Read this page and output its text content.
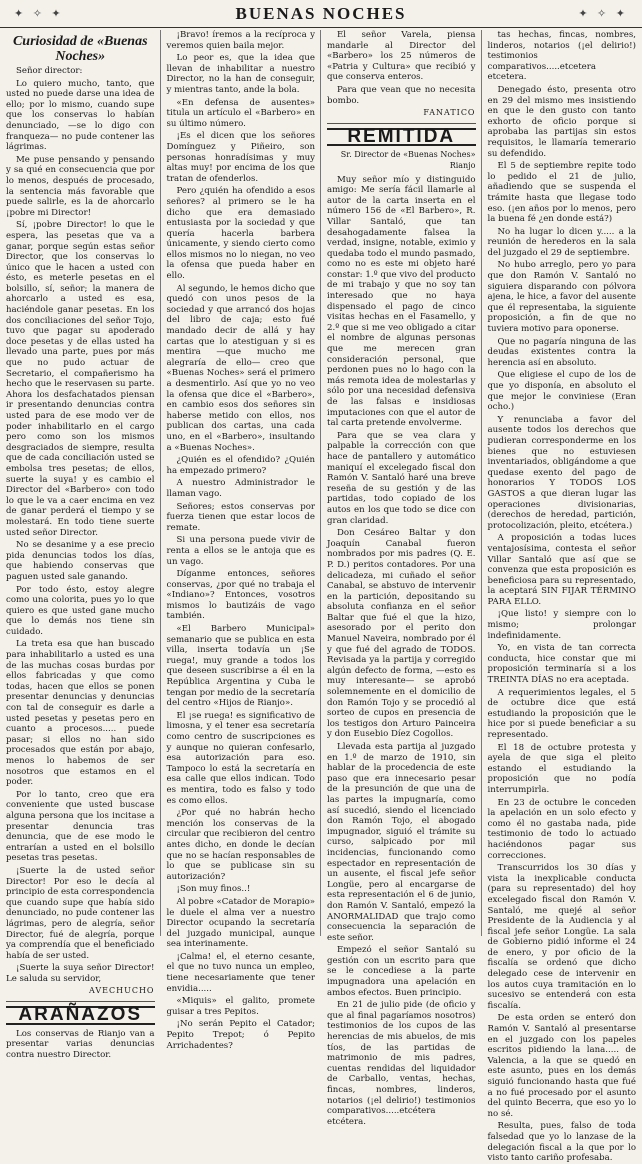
✦ ✧ ✦	BUENAS NOCHES	✦ ✧ ✦
Curiosidad de «Buenas Noches»
Señor director:

Lo quiero mucho, tanto, que usted no puede darse una idea de ello; por lo mismo, cuando supe que los conservas lo habían denunciado, —se lo digo con franqueza— no pude contener las lágrimas.

Me puse pensando y pensando y sa qué en consecuencia que por lo menos, después de procesado, la sentencia más favorable que puede salirle, es la de ahorcarlo ¡pobre mi Director!

Sí, ¡pobre Director! lo que le espera, las pesetas que va a ganar, porque según estas señor Director, que los conservas lo único que le hacen a usted con ésto, es meterle pesetas en el bolsillo, sí, señor; la manera de ahorcarlo a usted es esa, haciéndole ganar pesetas. En los dos conciliaciones del señor Tojo, tuvo que pagar su apoderado doce pesetas y de ellas usted ha llevado una parte, pues por más que no pudo actuar de Secretario, el compañerismo ha hecho que le reservasen su parte. Ahora los desfachatados piensan ir presentando denuncias contra usted para de ese modo ver de poder inhabilitarlo en el cargo pero como son los mismos desgraciados de siempre, resulta que de cada conciliación usted se embolsa tres pesetas; de ellos, suerte la suya! y es cambio el Director del «Barbero» con todo lo que le va a caer encima en vez de ganar perderá el tiempo y se molestará. En todo tiene suerte usted señor Director.

No se desanime y a ese precio pida denuncias todos los días, que habiendo conservas que paguen usted sale ganando.

Por todo ésto, estoy alegre como una colorita, pues yo lo que quiero es que usted gane mucho que lo demás nos tiene sin cuidado.

La treta esa que han buscado para inhabilitarlo a usted es una de las muchas cosas burdas por ellos fabricadas y que como todas, hacen que ellos se ponen presentar denuncias y denuncias con tal de conseguir es darle a usted pesetas y pesetas pero en cuanto a procesos..... puede pasar; si ellos no han sido procesados que están por abajo, menos lo habemos de ser nosotros que estamos en el poder.

Por lo tanto, creo que era conveniente que usted buscase alguna persona que los incitase a presentar denuncia tras denuncia, que de ese modo le entrarían a usted en el bolsillo pesetas tras pesetas.

¡Suerte la de usted señor Director! Por eso le decía al principio de esta correspondencia que cuando supe que había sido denunciado, no pude contener las lágrimas, pero de alegría, señor Director, fué de alegría, porque ya comprendía que el beneficiado había de ser usted.

¡Suerte la suya señor Director! Le saluda su servidor,

AVECHUCHO
ARAÑAZOS

Los conservas de Rianjo van a presentar varias denuncias contra nuestro Director.

¡Bravo! íremos a la recíproca y veremos quien baila mejor.

Lo peor es, que la idea que llevan de inhabilitar a nuestro Director, no la han de conseguir, y mientras tanto, ande la bola.

«En defensa de ausentes» titula un artículo el «Barbero» en su último número.

¡Es el dicen que los señores Domínguez y Piñeiro, son personas honradísimas y muy altas muy! por encima de los que tratan de ofenderlos.

Pero ¿quién ha ofendido a esos señores? al primero se le ha dicho que era demasiado entusiasta por la sociedad y que quería hacerla barbera únicamente, y siendo cierto como ellos mismos no lo niegan, no veo la ofensa que pueda haber en ello.

Al segundo, le hemos dicho que quedó con unos pesos de la sociedad y que arrancó dos hojas del libro de caja; esto fué mandado decir de allá y hay cartas que lo atestiguan y si es mentira —que mucho me alegraría de ello— creo que «Buenas Noches» será el primero a desmentirlo. Así que yo no veo la ofensa que dice el «Barbero», en cambio esos dos señores sin haberse metido con ellos, nos publican dos cartas, una cada uno, en el «Barbero», insultando a «Buenas Noches».

¿Quién es el ofendido? ¿Quién ha empezado primero?

A nuestro Administrador le llaman vago.

Señores; estos conservas por fuerza tienen que estar locos de remate.

Si una persona puede vivir de renta a ellos se le antoja que es un vago.

Díganme entonces, señores conservas, ¿por qué no trabaja el «Indiano»? Entonces, vosotros mismos lo bautizáis de vago también.

«El Barbero Municipal» semanario que se publica en esta villa, inserta todavía un ¡Se ruega!, muy grande a todos los que deseen suscribirse a él en la República Argentina y Cuba le tengan por medio de la secretaría del centro «Hijos de Rianjo».

El ¡se ruega! es significativo de limosna, y el tener esa secretaría como centro de suscripciones es y aunque no quieran confesarlo, esa autorización para eso. Tampoco lo está la secretaría en esa calle que ellos indican. Todo es mentira, todo es falso y todo es como ellos.

¿Por qué no habrán hecho mención los conservas de la circular que recibieron del centro antes dicho, en donde le decían que no se hacían responsables de lo que se publicase sin su autorización?

¡Son muy finos..!

Al pobre «Catador de Morapio» le duele el alma ver a nuestro Director ocupando la secretaría del juzgado municipal, aunque sea interinamente.

¡Calma! el, el eterno cesante, el que no tuvo nunca un empleo, tiene necesariamente que tener envidia.....

«Miquis» el galito, promete guisar a tres Pepitos.

¡No serán Pepito el Catador; Pepito Trepot; ó Pepito Arrichadentes?

El señor Varela, piensa mandarle al Director del «Barbero» los 25 números de «Patria y Cultura» que recibió y que conserva enteros.

Para que vean que no necesita bombo.

FANATICO
REMITIDA
Sr. Director de «Buenas Noches» Rianjo

Muy señor mío y distinguido amigo: Me sería fácil llamarle al autor de la carta inserta en el número 156 de «El Barbero», R. Villar Santaló, que tan desahogadamente falsea la verdad, insigne, notable, eximio y quedaba todo el mundo pasmado, como no es este mi objeto haré constar: 1.º que vivo del producto de mi trabajo y que no soy tan interesado que no haya dispensado el pago de cinco visitas hechas en el Fasamello, y 2.º que si me veo obligado a citar el nombre de algunas personas que me merecen gran consideración personal, que perdonen pues no lo hago con la más remota idea de molestarlas y sólo por una necesidad defensiva de las falsas e insidiosas imputaciones con que el autor de tal carta pretende envolverme.

Para que se vea clara y palpable la corrección con que hace de pantallero y automático maniquí el excelegado fiscal don Ramón V. Santaló haré una breve reseña de su gestión y de las partidas, todo copiado de los autos en los que todo se dice con gran claridad.

Don Cesáreo Baltar y don Joaquín Canabal fueron nombrados por mis padres (Q. E. P. D.) peritos contadores. Por una delicadeza, mi cuñado el señor Canabal, se abstuvo de intervenir en la partición, depositando su absoluta confianza en el señor Baltar que fué el que la hizo, asesorado por el perito don Manuel Naveira, nombrado por él y que fué del agrado de TODOS. Revisada ya la partija y corregido algún defecto de forma, —esto es muy interesante— se aprobó solemnemente en el domicilio de don Ramón Tojo y se procedió al sorteo de cupos en presencia de los testigos don Arturo Painceira y don Eusebio Díez Cogollos.

Llevada esta partija al juzgado en 1.º de marzo de 1910, sin hablar de la procedencia de este paso que era innecesario pesar de la presunción de que una de las partes la impugnaría, como así sucedió, siendo el licenciado don Ramón Tojo, el abogado impugnador, siguió el trámite su curso, salpicado por mil incidencias, funcionando como espectador en representación de un ausente, el fiscal jefe señor Longüe, pero al encargarse de esta representación el 6 de junio, don Ramón V. Santaló, empezó la ANORMALIDAD que trajo como consecuencia la separación de este señor.

Empezó el señor Santaló su gestión con un escrito para que se le concediese a la parte impugnadora una apelación en ambos efectos. Buen principio.

En 21 de julio pide (de oficio y que al final pagaríamos nosotros) testimonios de los cupos de las herencias de mis abuelos, de mis tíos, de las partidas de matrimonio de mis padres, cuentas rendidas del liquidador de Carballo, ventas, hechas, fincas, nombres, linderos, notarios (¡el delirio!) testimonios comparativos.....etcétera etcétera.

tas hechas, fincas, nombres, linderos, notarios (¡el delirio!) testimonios comparativos.....etcetera etcetera.

Denegado ésto, presenta otro en 29 del mismo mes insistiendo en que le den gusto con tanto exhorto de oficio porque si aprobaba las partijas sin estos requisitos, le llamaría temerario su defendido.

El 5 de septiembre repite todo lo pedido el 21 de julio, añadiendo que se suspenda el trámite hasta que llegase todo eso. (¡en años por lo menos, pero la buena fé ¿en donde está?)

No ha lugar lo dicen y..... a la reunión de herederos en la sala del juzgado el 29 de septiembre.

No hubo arreglo, pero yo para que don Ramón V. Santaló no siguiera disparando con pólvora ajena, le hice, a favor del ausente que él representaba, la siguiente proposición, a fin de que no tuviera motivo para oponerse.

Que no pagaría ninguna de las deudas existentes contra la herencia así en absoluto.

Que eligiese el cupo de los de que yo disponía, en absoluto el que mejor le conviniese (Eran ocho.)

Y renunciaba a favor del ausente todos los derechos que pudieran corresponderme en los bienes que no estuviesen inventariados, obligándome a que quedase exento del pago de honorarios Y TODOS LOS GASTOS a que dieran lugar las operaciones divisionarias, (derechos de heredad, partición, protocolización, pleito, etcétera.)

A proposición a todas luces ventajosísima, contesta el señor Villar Santaló que así que se convenza que esta proposición es beneficiosa para su representado, la aceptará SIN FIJAR TÉRMINO PARA ELLO.

¡Que listo! y siempre con lo mismo; prolongar indefinidamente.

Yo, en vista de tan correcta conducta, hice constar que mi proposición terminaría si a los TREINTA DÍAS no era aceptada.

A requerimientos legales, el 5 de octubre dice que está estudiando la proposición que le hice por si puede beneficiar a su representado.

El 18 de octubre protesta y ayela de que siga el pleito estando el estudiando la proposición que no podía interrumpirla.

En 23 de octubre le conceden la apelación en un solo efecto y como él no gastaba nada, pide testimonio de todo lo actuado haciéndonos pagar sus correcciones.

Transcurridos los 30 días y vista la inexplicable conducta (para su representado) del hoy excelegado fiscal don Ramón V. Santaló, me quejé al señor Presidente de la Audiencia y al fiscal jefe señor Longüe. La sala de Gobierno pidió informe el 24 de enero, y por oficio de la fiscalía se ordenó que dicho delegado cese de intervenir en los autos cuya tramitación en lo sucesivo se entenderá con esta fiscalía.

De esta orden se enteró don Ramón V. Santaló al presentarse en el juzgado con los papeles escritos pidiendo la lana..... de Valencia, a la que se quedó en este asunto, pues en los demás siguió funcionando hasta que fué a no fué procesado por el asunto del quinto Becerra, que eso yo lo no sé.

Resulta, pues, falso de toda falsedad que yo lo lanzase de la delegación fiscal a la que por lo visto tanto cariño profesaba.
